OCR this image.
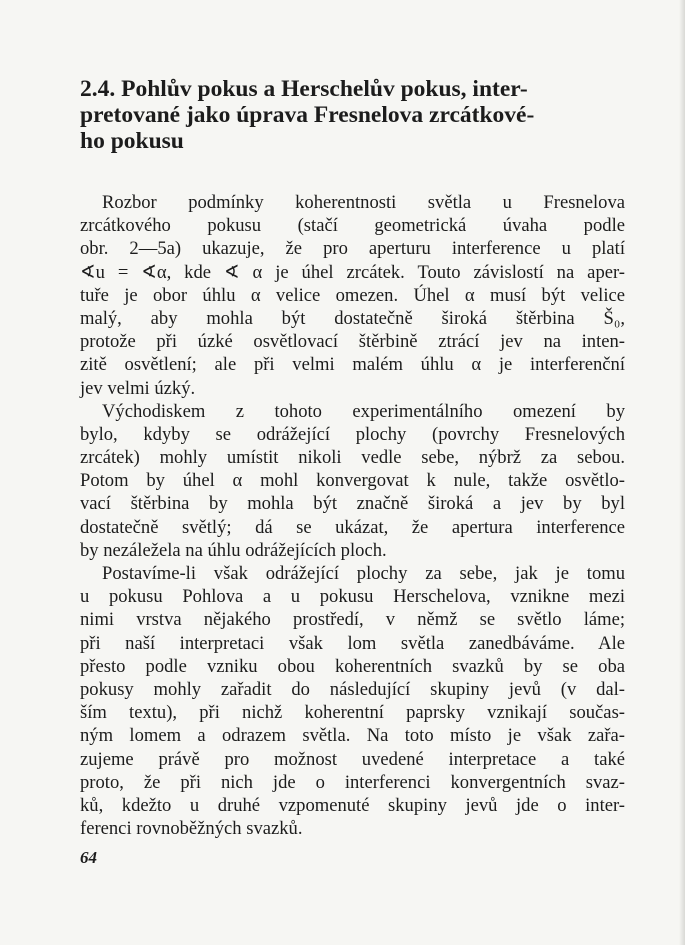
2.4. Pohlův pokus a Herschelův pokus, inter-
pretované jako úprava Fresnelova zrcátkové-
ho pokusu
Rozbor podmínky koherentnosti světla u Fresnelova
zrcátkového pokusu (stačí geometrická úvaha podle
obr. 2—5a) ukazuje, že pro aperturu interference u platí
∢u = ∢α, kde ∢ α je úhel zrcátek. Touto závislostí na aper-
tuře je obor úhlu α velice omezen. Úhel α musí být velice
malý, aby mohla být dostatečně široká štěrbina Š₀,
protože při úzké osvětlovací štěrbině ztrácí jev na inten-
zitě osvětlení; ale při velmi malém úhlu α je interferenční
jev velmi úzký.
Východiskem z tohoto experimentálního omezení by
bylo, kdyby se odrážející plochy (povrchy Fresnelových
zrcátek) mohly umístit nikoli vedle sebe, nýbrž za sebou.
Potom by úhel α mohl konvergovat k nule, takže osvětlo-
vací štěrbina by mohla být značně široká a jev by byl
dostatečně světlý; dá se ukázat, že apertura interference
by nezáležela na úhlu odrážejících ploch.
Postavíme-li však odrážející plochy za sebe, jak je tomu
u pokusu Pohlova a u pokusu Herschelova, vznikne mezi
nimi vrstva nějakého prostředí, v němž se světlo láme;
při naší interpretaci však lom světla zanedbáváme. Ale
přesto podle vzniku obou koherentních svazků by se oba
pokusy mohly zařadit do následující skupiny jevů (v dal-
ším textu), při nichž koherentní paprsky vznikají součas-
ným lomem a odrazem světla. Na toto místo je však zařa-
zujeme právě pro možnost uvedené interpretace a také
proto, že při nich jde o interferenci konvergentních svaz-
ků, kdežto u druhé vzpomenuté skupiny jevů jde o inter-
ferenci rovnoběžných svazků.
64
